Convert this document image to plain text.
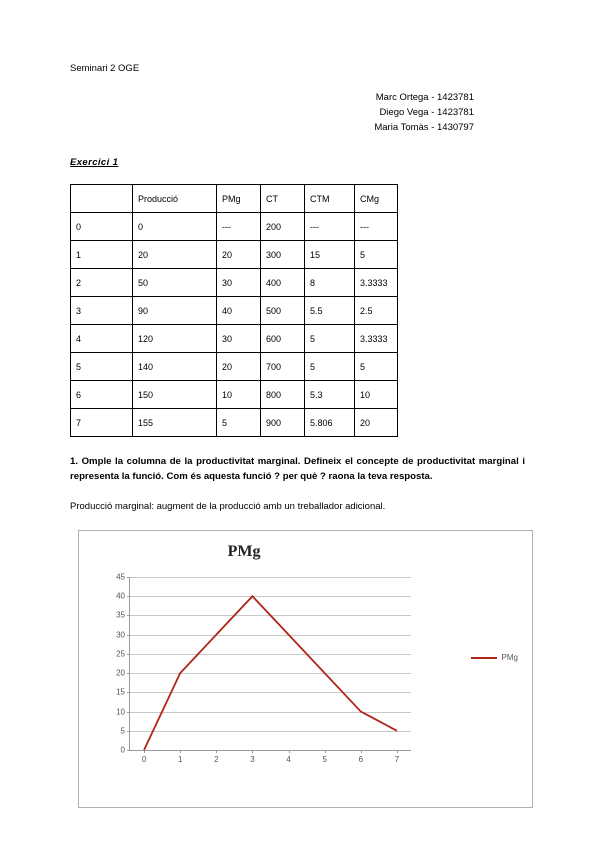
Seminari 2 OGE
Marc Ortega - 1423781
Diego Vega - 1423781
Maria Tomàs - 1430797
Exercici 1
	Producció	PMg	CT	CTM	CMg
0	0	---	200	---	---
1	20	20	300	15	5
2	50	30	400	8	3.3333
3	90	40	500	5.5	2.5
4	120	30	600	5	3.3333
5	140	20	700	5	5
6	150	10	800	5.3	10
7	155	5	900	5.806	20
1. Omple la columna de la productivitat marginal. Defineix el concepte de productivitat marginal i representa la funció. Com és aquesta funció ? per què ? raona la teva resposta.
Producció marginal: augment de la producció amb un treballador adicional.
PMg
0
5
10
15
20
25
30
35
40
45
0	1	2	3	4	5	6	7
PMg
